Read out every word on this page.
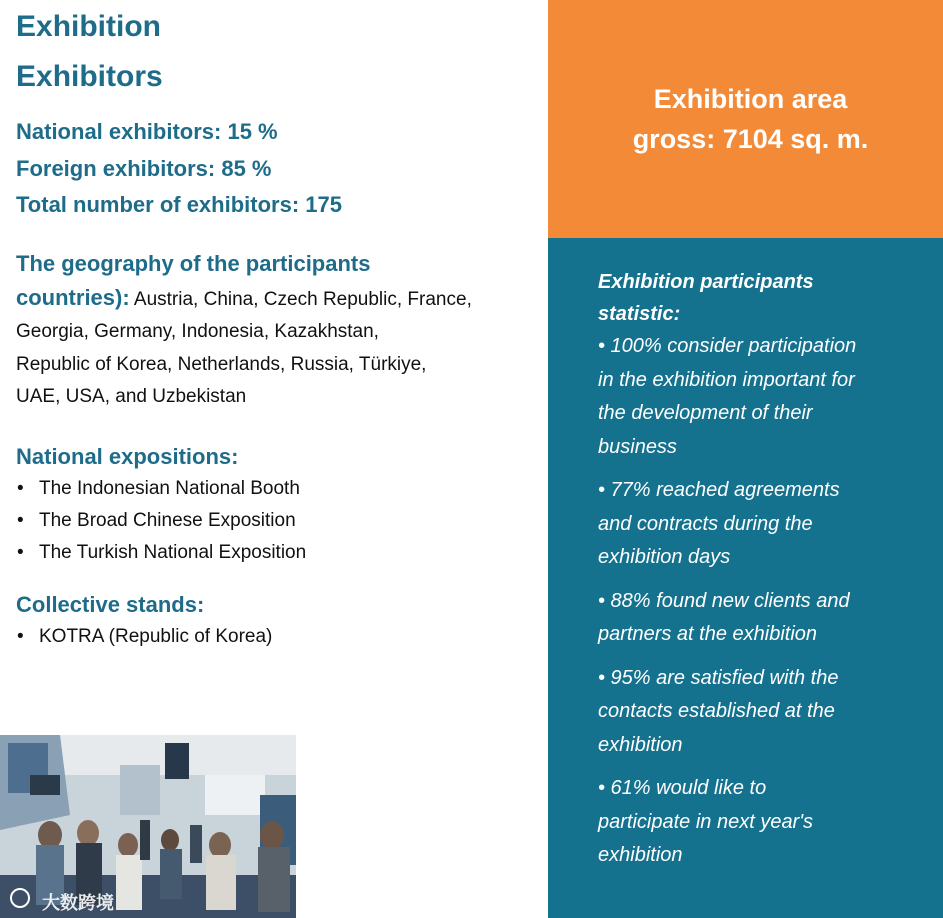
Exhibition

Exhibitors

National exhibitors: 15 %

Foreign exhibitors: 85 %

Total number of exhibitors: 175

The geography of the participants
countries): Austria, China, Czech Republic, France,
Georgia, Germany, Indonesia, Kazakhstan,
Republic of Korea, Netherlands, Russia, Türkiye,
UAE, USA, and Uzbekistan

National expositions:

• The Indonesian National Booth
• The Broad Chinese Exposition
• The Turkish National Exposition

Collective stands:

• KOTRA (Republic of Korea)
大数跨境
Exhibition area
gross: 7104 sq. m.

Exhibition participants

statistic:

• 100% consider participation

in the exhibition important for

the development of their

business

• 77% reached agreements

and contracts during the

exhibition days

• 88% found new clients and

partners at the exhibition

• 95% are satisfied with the

contacts established at the

exhibition

• 61% would like to

participate in next year's

exhibition
